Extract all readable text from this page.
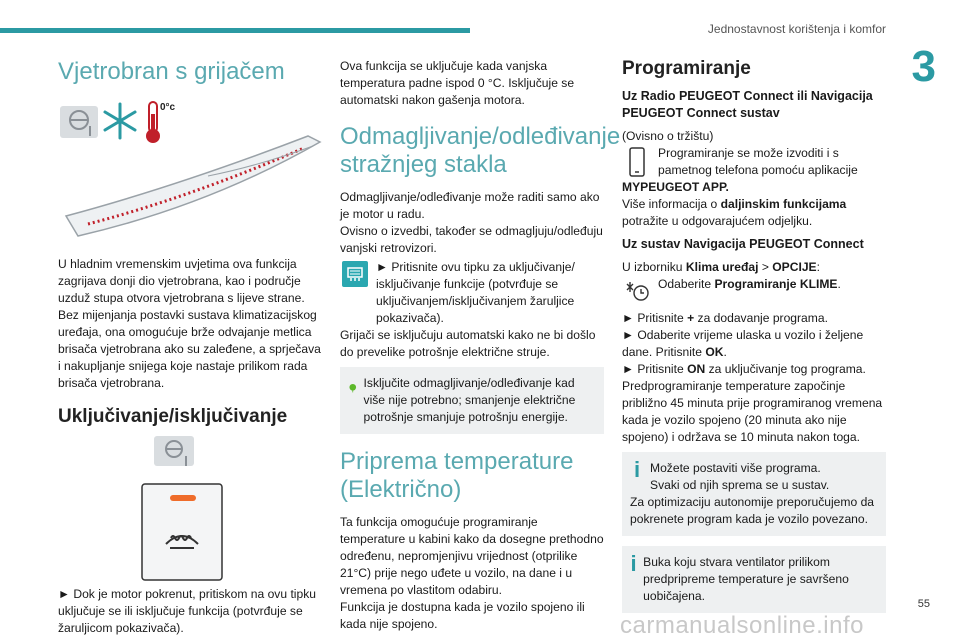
Jednostavnost korištenja i komfor
3
Vjetrobran s grijačem
0°c

U hladnim vremenskim uvjetima ova funkcija zagrijava donji dio vjetrobrana, kao i područje uzduž stupa otvora vjetrobrana s lijeve strane. Bez mijenjanja postavki sustava klimatizacijskog uređaja, ona omogućuje brže odvajanje metlica brisača vjetrobrana ako su zaleđene, a sprječava i nakupljanje snijega koje nastaje prilikom rada brisača vjetrobrana.

Uključivanje/isključivanje

► Dok je motor pokrenut, pritiskom na ovu tipku uključuje se ili isključuje funkcija (potvrđuje se žaruljicom pokazivača).

Ova funkcija se uključuje kada vanjska temperatura padne ispod 0 °C. Isključuje se automatski nakon gašenja motora.

Odmagljivanje/odleđivanje stražnjeg stakla

Odmagljivanje/odleđivanje može raditi samo ako je motor u radu.

Ovisno o izvedbi, također se odmagljuju/odleđuju vanjski retrovizori.

► Pritisnite ovu tipku za uključivanje/ isključivanje funkcije (potvrđuje se uključivanjem/isključivanjem žaruljice pokazivača).

Grijači se isključuju automatski kako ne bi došlo do prevelike potrošnje električne struje.

Isključite odmagljivanje/odleđivanje kad više nije potrebno; smanjenje električne potrošnje smanjuje potrošnju energije.
Priprema temperature (Električno)

Ta funkcija omogućuje programiranje temperature u kabini kako da dosegne prethodno određenu, nepromjenjivu vrijednost (otprilike 21°C) prije nego uđete u vozilo, na dane i u vremena po vlastitom odabiru.

Funkcija je dostupna kada je vozilo spojeno ili kada nije spojeno.

Programiranje
Uz Radio PEUGEOT Connect ili Navigacija PEUGEOT Connect sustav

(Ovisno o tržištu)

Programiranje se može izvoditi i s pametnog telefona pomoću aplikacije

MYPEUGEOT APP.

Više informacija o daljinskim funkcijama potražite u odgovarajućem odjeljku.

Uz sustav Navigacija PEUGEOT Connect

U izborniku Klima uređaj > OPCIJE:

Odaberite Programiranje KLIME.

► Pritisnite + za dodavanje programa.

► Odaberite vrijeme ulaska u vozilo i željene dane. Pritisnite OK.

► Pritisnite ON za uključivanje tog programa.

Predprogramiranje temperature započinje približno 45 minuta prije programiranog vremena kada je vozilo spojeno (20 minuta ako nije spojeno) i održava se 10 minuta nakon toga.

i Možete postaviti više programa.
Svaki od njih sprema se u sustav.
Za optimizaciju autonomije preporučujemo da pokrenete program kada je vozilo povezano.
i Buka koju stvara ventilator prilikom predpripreme temperature je savršeno uobičajena.
55
carmanualsonline.info
